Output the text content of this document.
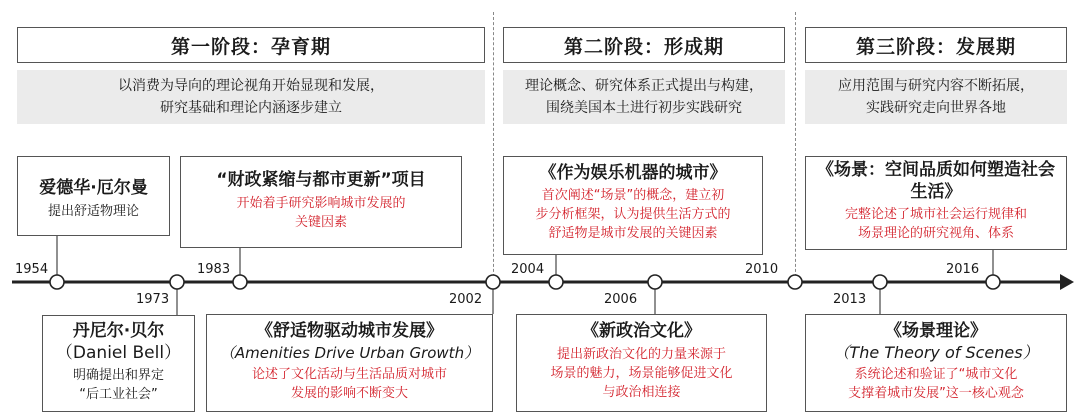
第一阶段：孕育期	第二阶段：形成期	第三阶段：发展期
以消费为导向的理论视角开始显现和发展，
研究基础和理论内涵逐步建立
理论概念、研究体系正式提出与构建，
围绕美国本土进行初步实践研究
应用范围与研究内容不断拓展，
实践研究走向世界各地
1954
1973
1983
2002
2004
2006
2010
2013
2016
爱德华·厄尔曼
提出舒适物理论
“财政紧缩与都市更新”项目
开始着手研究影响城市发展的
关键因素
《作为娱乐机器的城市》
首次阐述“场景”的概念，建立初
步分析框架，认为提供生活方式的
舒适物是城市发展的关键因素
《场景：空间品质如何塑造社会
生活》
完整论述了城市社会运行规律和
场景理论的研究视角、体系
丹尼尔·贝尔
（Daniel Bell）
明确提出和界定
“后工业社会”
《舒适物驱动城市发展》
（Amenities Drive Urban Growth）
论述了文化活动与生活品质对城市
发展的影响不断变大
《新政治文化》
提出新政治文化的力量来源于
场景的魅力，场景能够促进文化
与政治相连接
《场景理论》
（The Theory of Scenes）
系统论述和验证了“城市文化
支撑着城市发展”这一核心观念
